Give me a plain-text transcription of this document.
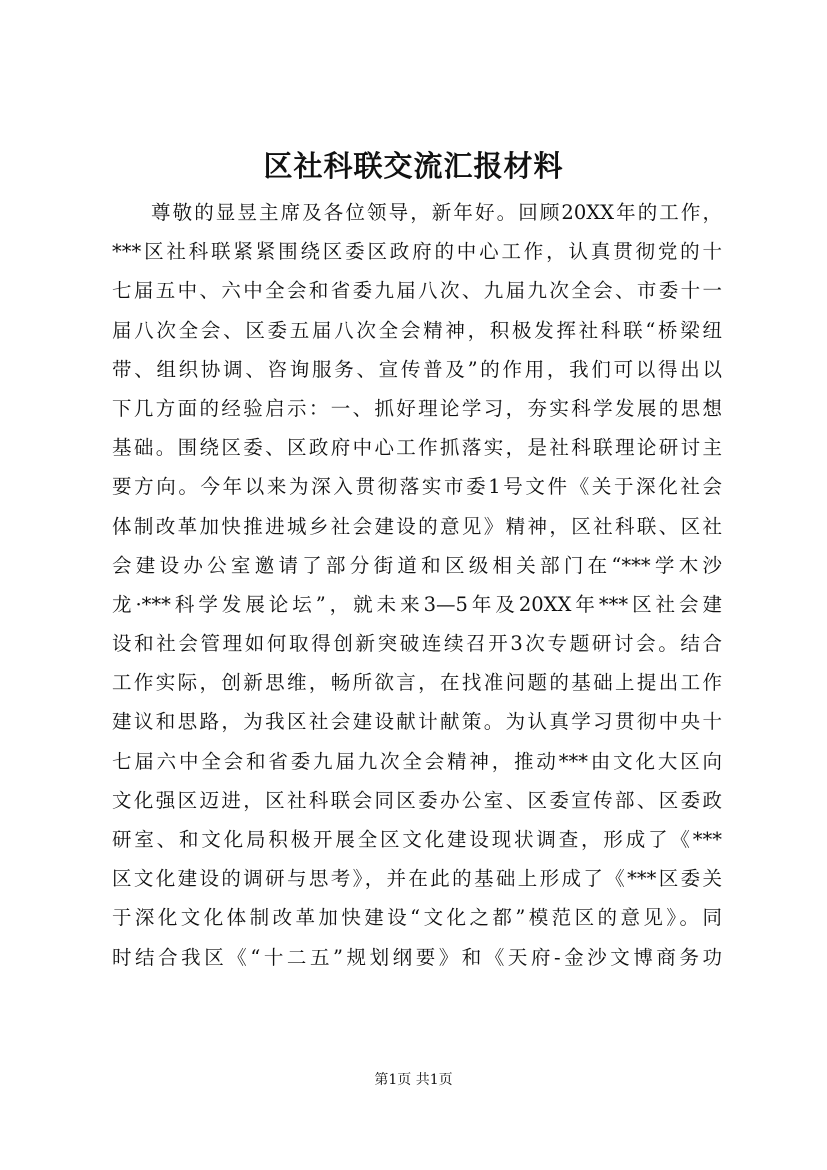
区社科联交流汇报材料
尊敬的显昱主席及各位领导，新年好。回顾20XX年的工作，
***区社科联紧紧围绕区委区政府的中心工作，认真贯彻党的十
七届五中、六中全会和省委九届八次、九届九次全会、市委十一
届八次全会、区委五届八次全会精神，积极发挥社科联“桥梁纽
带、组织协调、咨询服务、宣传普及”的作用，我们可以得出以
下几方面的经验启示：一、抓好理论学习，夯实科学发展的思想
基础。围绕区委、区政府中心工作抓落实，是社科联理论研讨主
要方向。今年以来为深入贯彻落实市委1号文件《关于深化社会
体制改革加快推进城乡社会建设的意见》精神，区社科联、区社
会建设办公室邀请了部分街道和区级相关部门在“***学木沙
龙·***科学发展论坛”，就未来3—5年及20XX年***区社会建
设和社会管理如何取得创新突破连续召开3次专题研讨会。结合
工作实际，创新思维，畅所欲言，在找准问题的基础上提出工作
建议和思路，为我区社会建设献计献策。为认真学习贯彻中央十
七届六中全会和省委九届九次全会精神，推动***由文化大区向
文化强区迈进，区社科联会同区委办公室、区委宣传部、区委政
研室、和文化局积极开展全区文化建设现状调查，形成了《***
区文化建设的调研与思考》，并在此的基础上形成了《***区委关
于深化文化体制改革加快建设“文化之都”模范区的意见》。同
时结合我区《“十二五”规划纲要》和《天府-金沙文博商务功
第1页 共1页
